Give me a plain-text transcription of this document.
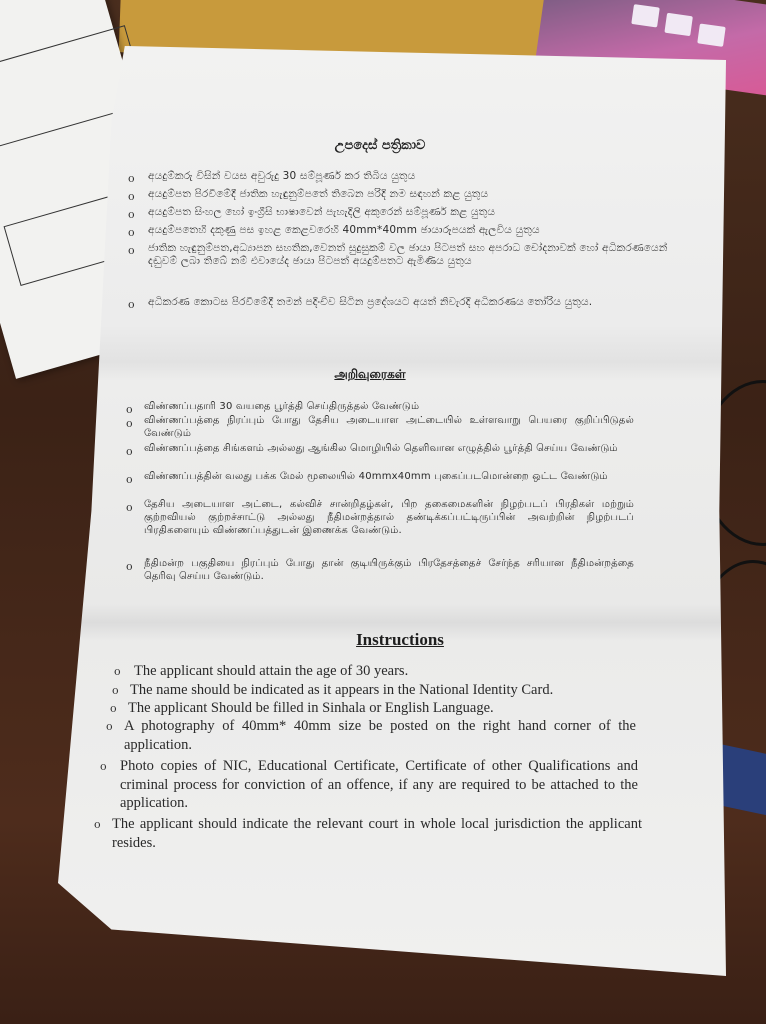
උපදෙස් පත්‍රිකාව
o අයදුම්කරු විසින් වයස අවුරුදු 30 සම්පූර්ණ කර තිබිය යුතුය
o අයදුම්පත පිරවීමේදී ජාතික හැඳුනුම්පතේ තිබෙන පරිදි නම සඳහන් කළ යුතුය
o අයදුම්පත සිංහල හෝ ඉංග්‍රීසි භාෂාවෙන් පැහැදිලි අකුරෙන් සම්පූර්ණ කළ යුතුය
o අයදුම්පතෙහි දකුණු පස ඉහළ කෙළවරෙහි 40mm*40mm ඡායාරූපයක් ඇලවිය යුතුය
o ජාතික හැඳුනුම්පත,අධ්‍යාපන සහතික,වෙනත් සුදුසුකම් වල ඡායා පිටපත් සහ අපරාධ චෝදනාවක් හෝ අධිකරණයෙන් දඬුවම් ලබා තිබේ නම් එවායේද ඡායා පිටපත් අයදුම්පතට ඇමිණිය යුතුය
o අධිකරණ කොටස පිරවීමේදී තමන් පදිංචිව සිටින ප්‍රදේශයට අයත් නිවැරදි අධිකරණය තෝරිය යුතුය.
அறிவுரைகள்
o விண்ணப்பதாரி 30 வயதை பூர்த்தி செய்திருத்தல் வேண்டும்
o விண்ணப்பத்தை நிரப்பும் போது தேசிய அடையாள அட்டையில் உள்ளவாறு பெயரை குறிப்பிடுதல் வேண்டும்
o விண்ணப்பத்தை சிங்களம் அல்லது ஆங்கில மொழியில் தெளிவான எழுத்தில் பூர்த்தி செய்ய வேண்டும்
o விண்ணப்பத்தின் வலது பக்க மேல் மூலையில் 40mmx40mm புகைப்படமொன்றை ஒட்ட வேண்டும்
o தேசிய அடையாள அட்டை, கல்விச் சான்றிதழ்கள், பிற தகைமைகளின் நிழற்படப் பிரதிகள் மற்றும் குற்றவியல் குற்றச்சாட்டு அல்லது நீதிமன்றத்தால் தண்டிக்கப்பட்டிருப்பின் அவற்றின் நிழற்படப் பிரதிகளையும் விண்ணப்பத்துடன் இணைக்க வேண்டும்.
o நீதிமன்ற பகுதியை நிரப்பும் போது தான் குடியிருக்கும் பிரதேசத்தைச் சேர்ந்த சரியான நீதிமன்றத்தை தெரிவு செய்ய வேண்டும்.
Instructions
o The applicant should attain the age of 30 years.
o The name should be indicated as it appears in the National Identity Card.
o The applicant Should be filled in Sinhala or English Language.
o A photography of 40mm* 40mm size be posted on the right hand corner of the application.
o Photo copies of NIC, Educational Certificate, Certificate of other Qualifications and criminal process for conviction of an offence, if any are required to be attached to the application.
o The applicant should indicate the relevant court in whole local jurisdiction the applicant resides.
